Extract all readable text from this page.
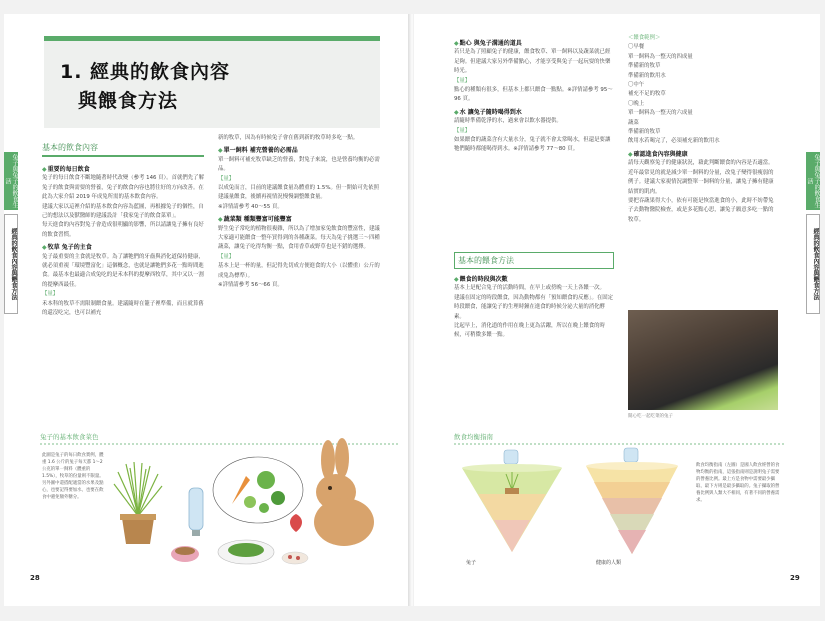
1. 經典的飲食內容
與餵食方法
基本的飲食內容

◆ 重要的每日飲食

兔子的每日飲食不斷地隨著時代改變（參考 146 頁）。首就們先了解兔子的飲食與需要的營養，兔子的飲食內容也將往好的方向改善。在此為大家介紹 2019 年成兔所需的基本飲食內容。

建議大家以這裡介紹的基本飲食內容為藍圖，再根據兔子的個性，自己的想法以及獸醫師的建議設計「我家兔子的飲食菜單」。

每天進食的內容對兔子會造成很明顯的影響，所以請讓兔子擁有良好的飲食習慣。

◆ 牧草 兔子的主食

兔子最重要的主食就是牧草。為了讓牠們的牙齒與消化道保持健康，就必須重視「環境豐富化」這個概念，也就是讓牠們多花一點時間進食。最基本也最適合成兔吃的是禾本科的提摩西牧草，其中又以一割的提摩西最佳。

【量】

禾本科的牧草不需限制餵食量。建議隨時在籠子裡準備，而且就算舊的還沒吃完，也可以補充

新的牧草，因為有時候兔子會在舊到新的牧草時多吃一點。

◆ 單一飼料 補充營養的必需品

單一飼料可補充牧草缺乏的營養，對兔子來說，也是營養均衡的必需品。

【量】

以成兔而言，目前的建議餵食量為體重的 1.5%。但一開始可先依照建議量餵食，後續再視情況慢慢調整餵食量。

※詳情請參考 40〜55 頁。

◆ 蔬菜類 種類豐富可能豐富

野生兔子常吃的植物很複雜，所以為了增加家兔飲食的豐富性，建議大家適可能餵食一整年買得到的各種蔬菜。每天為兔子挑選三〜四種蔬菜，讓兔子吃得均衡一點，食用香草或野草也是不錯的選擇。

【量】

基本上是一杯的量，但記得先切成方便進食的大小（以體重）公斤的成兔為標準）。

※詳情請參考 56〜66 頁。

兔子的基本飲食菜色
此圖是兔子的每日飲食實例，體重 1.6 公斤的兔子每天都 1〜2 公克的單一飼料（體重的 1.5%），牧草的份量則不限量。另外圖中還搭配適當的水果及點心，也要記得要加水、也要在飲食中避免額外糖分。
28

◆ 點心 與兔子溝通的道具

若只是為了照顧兔子的健康，餵食牧草、單一飼料以及蔬菜就已經足夠。但建議大家另外準備點心，才能享受與兔子一起玩耍的快樂時光。

【量】

點心的種類有很多，但基本上都只餵食一點點。※詳情請參考 95〜96 頁。

◆ 水 讓兔子隨時喝得到水

請隨時準備乾淨的水，過來會以飲水器提供。

【量】

如果餵食的蔬菜含有大量水分，兔子就不會太常喝水，但還是要讓牠們隨時都能喝得到水。※詳情請參考 77〜80 頁。

基本的餵食方法

◆ 餵食的時段與次數

基本上是配合兔子的活動時間，在早上或傍晚一天上各餵一次。

建議在固定的時段餵食，因為動物都有「預知餵食的反應」。在固定時段餵食，能讓兔子的生理時鐘在進食的時候分泌大量的消化酵素。

比起早上，消化道的作用在晚上更為活躍，所以在晚上餵食的時候，可稍微多餵一點。

＜餵食範例＞

〇早餐

單一飼料為一整天的四成量

準備新的牧草

準備新的飲用水

〇中午

補充不足的牧草

〇晚上

單一飼料為一整天的六成量

蔬菜

準備新的牧草

飲用水若喝完了，必須補充新的飲用水

◆ 確認進食內容與健康

請每天觀察兔子的健康狀況，藉此判斷餵食的內容是否適當。

近年最常見的就是減少單一飼料的分量，改兔子變得很瘦弱的例子。建議大家視情況調整單一飼料的分量，讓兔子擁有健康結實的肌肉。

要把吞蔬果得大小，依有可能是恢當進食的小，此時不妨帶兔子去動物醫院檢查，或是多花點心思，讓兔子願意多吃一點的牧草。

開心吃一起吃菜的兔子
飲食均衡指南
兔子	健康的人類
飲食均衡指南（左圖）是國人飲食經營的食物均衡的指南，這張指南則是說明兔子需要的營養比例。最上方是食物中需要最少攝取、最下方則是最多攝取的。兔子攝取的營養比例與人類大不相同，有著不同的營養需求。
29
兔子與兔子的飲食生活
經典的飲食內容與餵食方法
兔子與兔子的飲食生活
經典的飲食內容與餵食方法
